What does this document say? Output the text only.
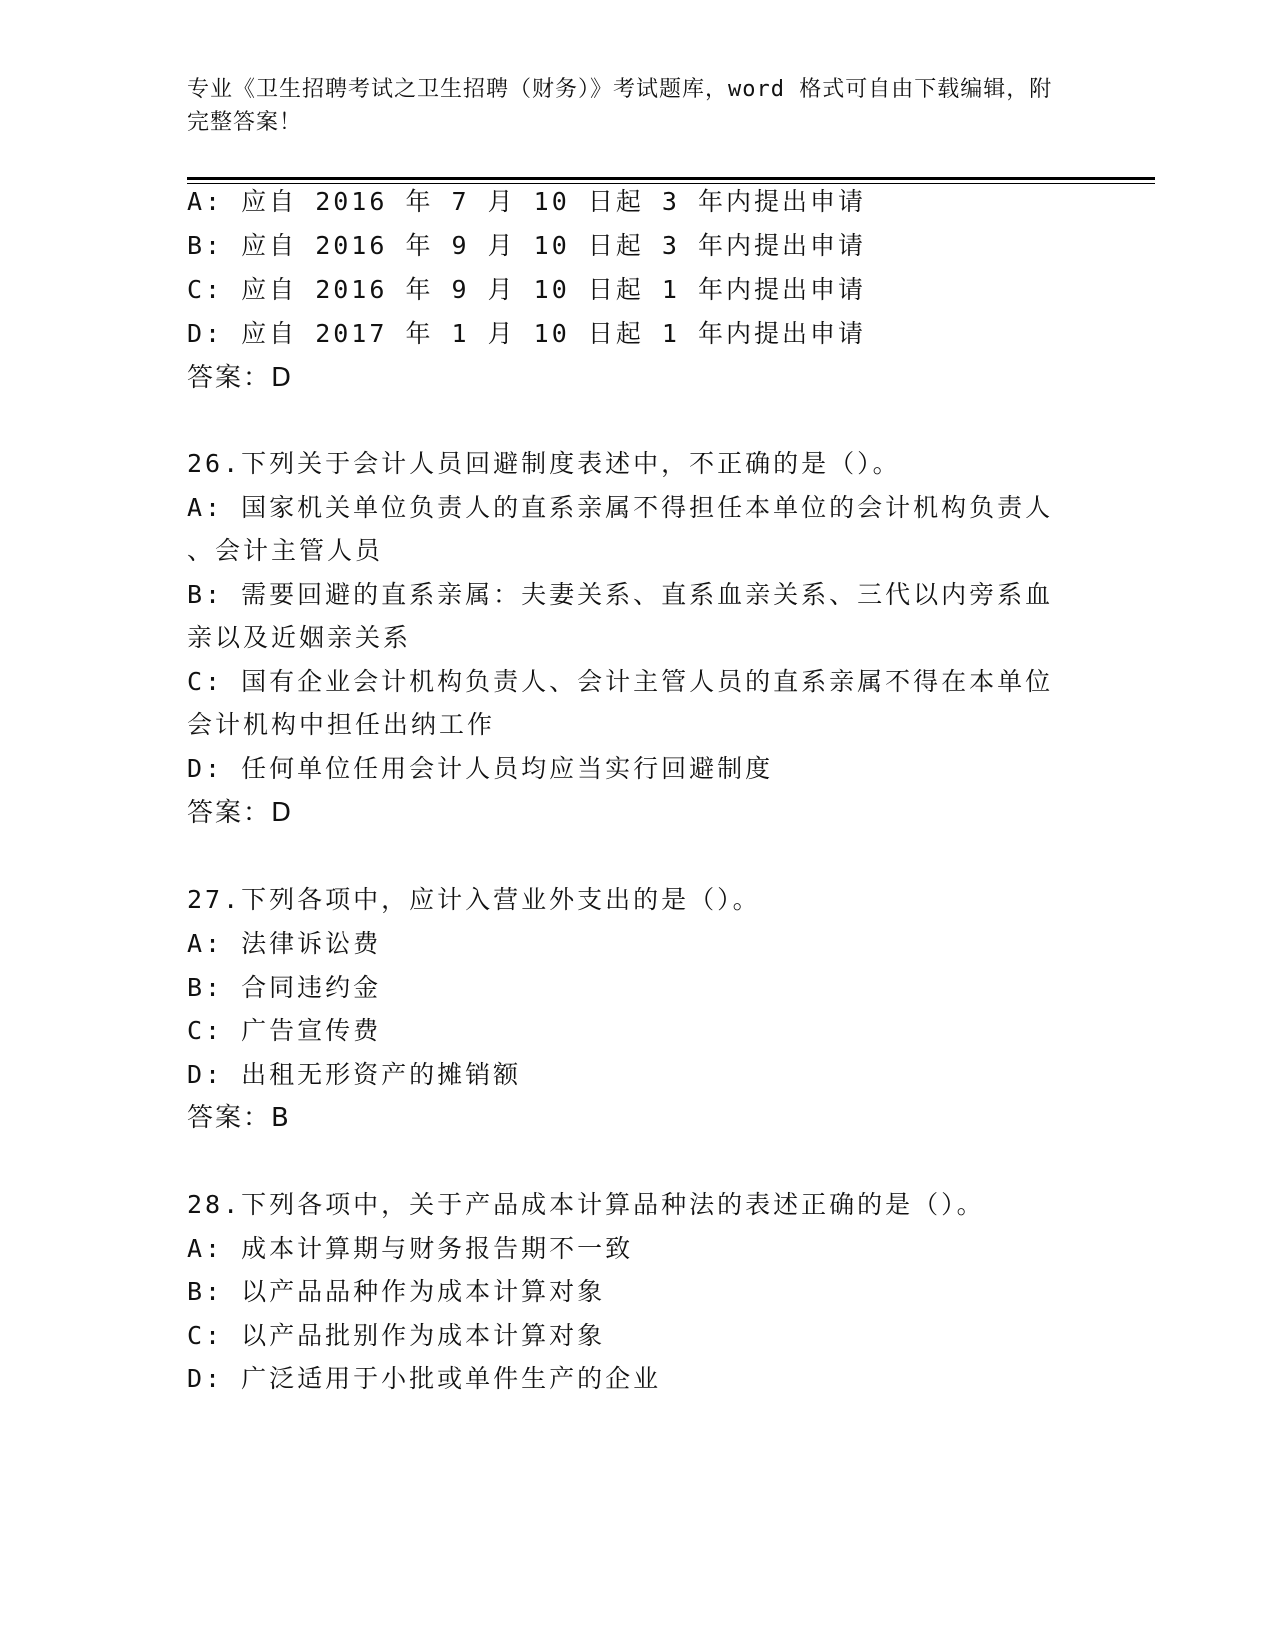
专业《卫生招聘考试之卫生招聘（财务）》考试题库，word 格式可自由下载编辑，附完整答案！
A: 应自 2016 年 7 月 10 日起 3 年内提出申请
B: 应自 2016 年 9 月 10 日起 3 年内提出申请
C: 应自 2016 年 9 月 10 日起 1 年内提出申请
D: 应自 2017 年 1 月 10 日起 1 年内提出申请
答案：D
26.下列关于会计人员回避制度表述中，不正确的是（）。
A: 国家机关单位负责人的直系亲属不得担任本单位的会计机构负责人
、会计主管人员
B: 需要回避的直系亲属：夫妻关系、直系血亲关系、三代以内旁系血
亲以及近姻亲关系
C: 国有企业会计机构负责人、会计主管人员的直系亲属不得在本单位
会计机构中担任出纳工作
D: 任何单位任用会计人员均应当实行回避制度
答案：D
27.下列各项中，应计入营业外支出的是（）。
A: 法律诉讼费
B: 合同违约金
C: 广告宣传费
D: 出租无形资产的摊销额
答案：B
28.下列各项中，关于产品成本计算品种法的表述正确的是（）。
A: 成本计算期与财务报告期不一致
B: 以产品品种作为成本计算对象
C: 以产品批别作为成本计算对象
D: 广泛适用于小批或单件生产的企业
